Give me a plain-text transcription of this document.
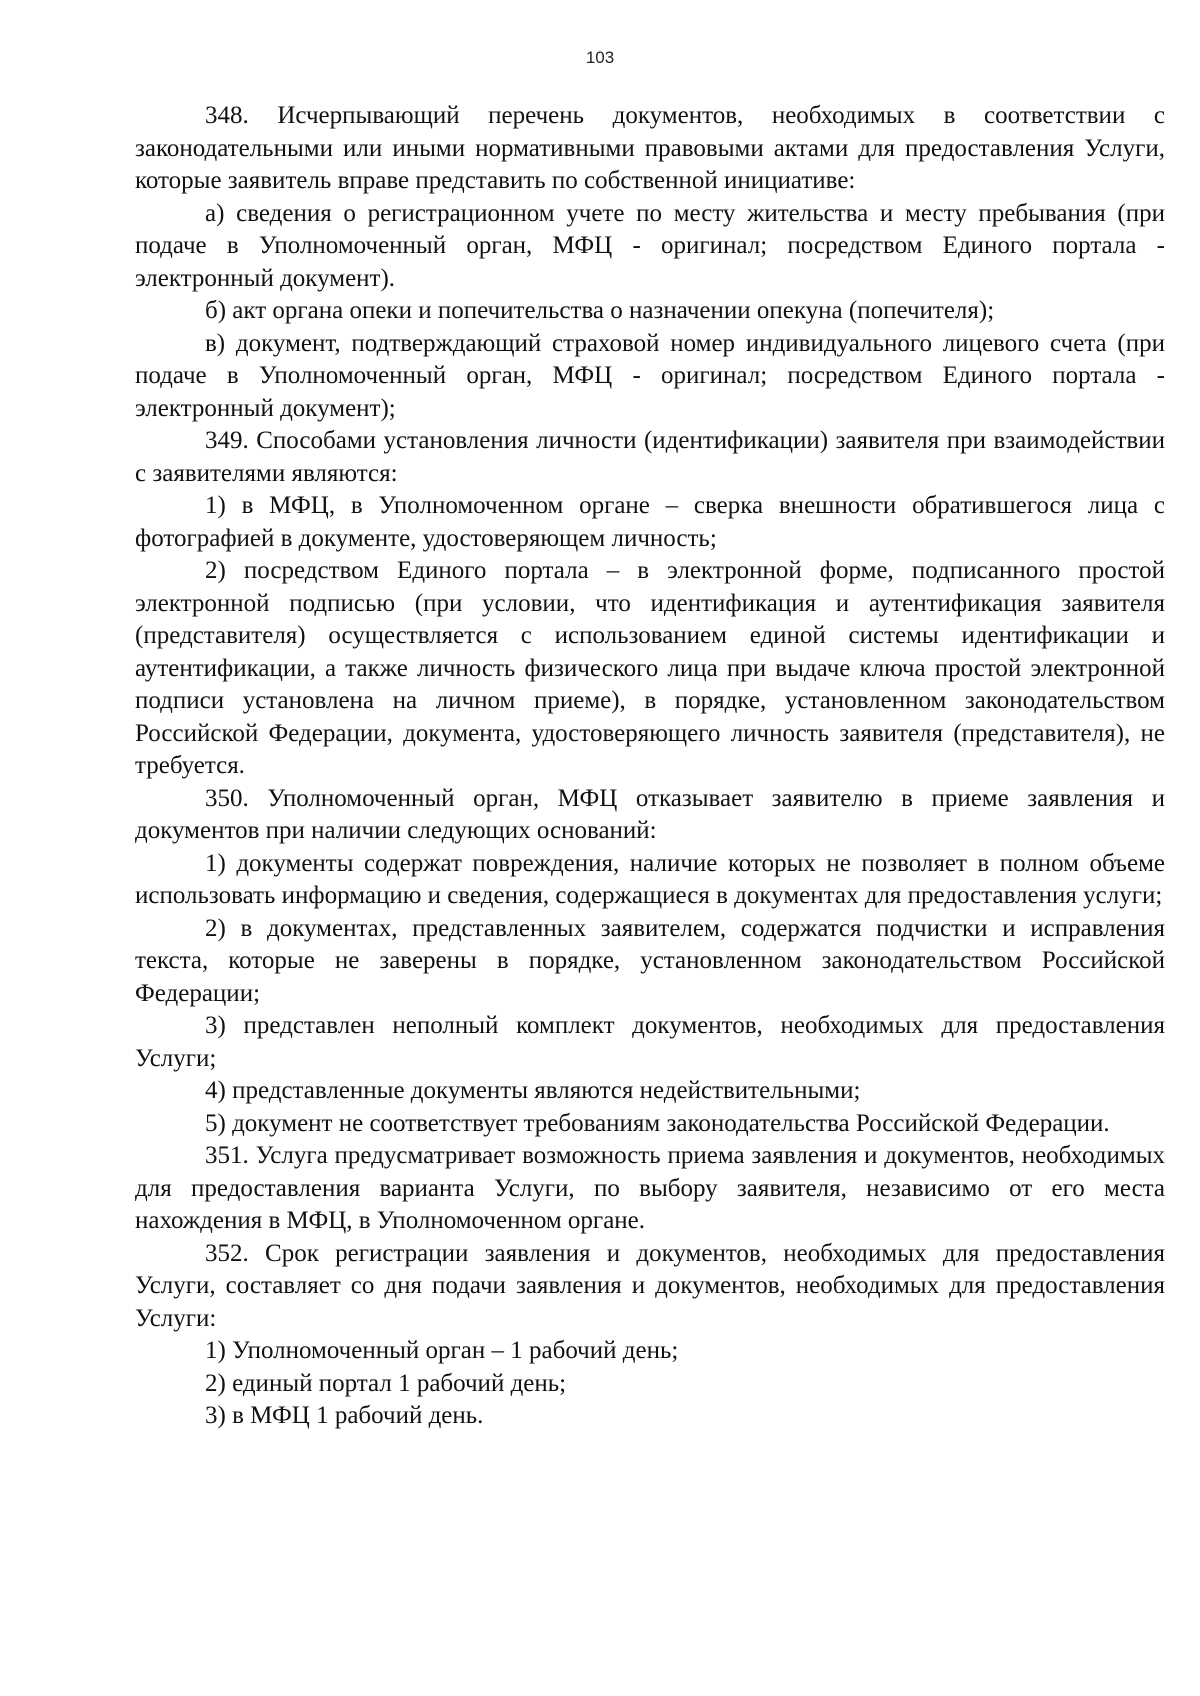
103

348. Исчерпывающий перечень документов, необходимых в соответствии с законодательными или иными нормативными правовыми актами для предоставления Услуги, которые заявитель вправе представить по собственной инициативе:

а) сведения о регистрационном учете по месту жительства и месту пребывания (при подаче в Уполномоченный орган, МФЦ - оригинал; посредством Единого портала - электронный документ).

б) акт органа опеки и попечительства о назначении опекуна (попечителя);

в) документ, подтверждающий страховой номер индивидуального лицевого счета (при подаче в Уполномоченный орган, МФЦ - оригинал; посредством Единого портала - электронный документ);

349. Способами установления личности (идентификации) заявителя при взаимодействии с заявителями являются:

1) в МФЦ, в Уполномоченном органе – сверка внешности обратившегося лица с фотографией в документе, удостоверяющем личность;

2) посредством Единого портала – в электронной форме, подписанного простой электронной подписью (при условии, что идентификация и аутентификация заявителя (представителя) осуществляется с использованием единой системы идентификации и аутентификации, а также личность физического лица при выдаче ключа простой электронной подписи установлена на личном приеме), в порядке, установленном законодательством Российской Федерации, документа, удостоверяющего личность заявителя (представителя), не требуется.

350. Уполномоченный орган, МФЦ отказывает заявителю в приеме заявления и документов при наличии следующих оснований:

1) документы содержат повреждения, наличие которых не позволяет в полном объеме использовать информацию и сведения, содержащиеся в документах для предоставления услуги;

2) в документах, представленных заявителем, содержатся подчистки и исправления текста, которые не заверены в порядке, установленном законодательством Российской Федерации;

3) представлен неполный комплект документов, необходимых для предоставления Услуги;

4) представленные документы являются недействительными;

5) документ не соответствует требованиям законодательства Российской Федерации.

351. Услуга предусматривает возможность приема заявления и документов, необходимых для предоставления варианта Услуги, по выбору заявителя, независимо от его места нахождения в МФЦ, в Уполномоченном органе.

352. Срок регистрации заявления и документов, необходимых для предоставления Услуги, составляет со дня подачи заявления и документов, необходимых для предоставления Услуги:

1) Уполномоченный орган – 1 рабочий день;

2) единый портал 1 рабочий день;

3) в МФЦ 1 рабочий день.
